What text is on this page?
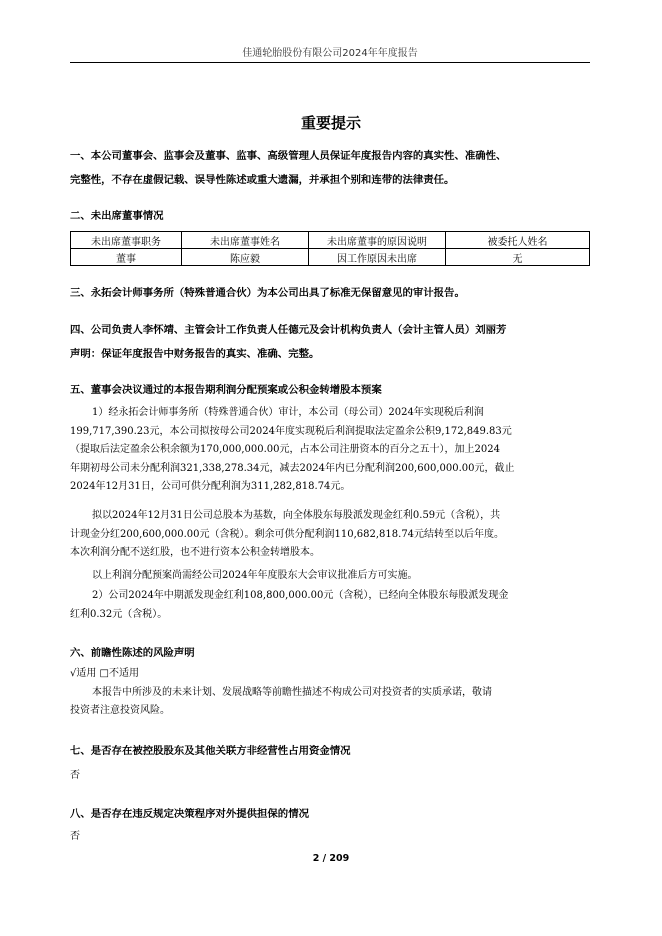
佳通轮胎股份有限公司2024年年度报告
重要提示
一、本公司董事会、监事会及董事、监事、高级管理人员保证年度报告内容的真实性、准确性、
完整性，不存在虚假记载、误导性陈述或重大遗漏，并承担个别和连带的法律责任。
二、未出席董事情况
未出席董事职务	未出席董事姓名	未出席董事的原因说明	被委托人姓名
董事	陈应毅	因工作原因未出席	无
三、永拓会计师事务所（特殊普通合伙）为本公司出具了标准无保留意见的审计报告。
四、公司负责人李怀靖、主管会计工作负责人任德元及会计机构负责人（会计主管人员）刘丽芳
声明：保证年度报告中财务报告的真实、准确、完整。
五、董事会决议通过的本报告期利润分配预案或公积金转增股本预案
1）经永拓会计师事务所（特殊普通合伙）审计，本公司（母公司）2024年实现税后利润
199,717,390.23元，本公司拟按母公司2024年度实现税后利润提取法定盈余公积9,172,849.83元
（提取后法定盈余公积余额为170,000,000.00元，占本公司注册资本的百分之五十），加上2024
年期初母公司未分配利润321,338,278.34元，减去2024年内已分配利润200,600,000.00元，截止
2024年12月31日，公司可供分配利润为311,282,818.74元。
拟以2024年12月31日公司总股本为基数，向全体股东每股派发现金红利0.59元（含税），共
计现金分红200,600,000.00元（含税）。剩余可供分配利润110,682,818.74元结转至以后年度。
本次利润分配不送红股，也不进行资本公积金转增股本。
以上利润分配预案尚需经公司2024年年度股东大会审议批准后方可实施。
2）公司2024年中期派发现金红利108,800,000.00元（含税），已经向全体股东每股派发现金
红利0.32元（含税）。
六、前瞻性陈述的风险声明
√适用 □不适用
本报告中所涉及的未来计划、发展战略等前瞻性描述不构成公司对投资者的实质承诺，敬请
投资者注意投资风险。
七、是否存在被控股股东及其他关联方非经营性占用资金情况
否
八、是否存在违反规定决策程序对外提供担保的情况
否
2 / 209
